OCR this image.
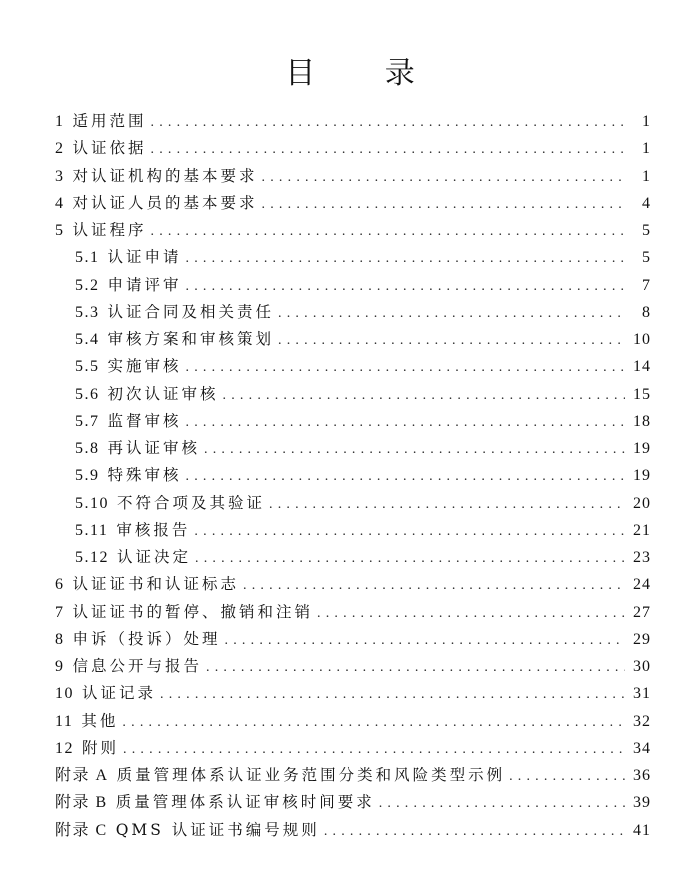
目 录
1 适用范围 .....	1
2 认证依据 .....	1
3 对认证机构的基本要求 .....	1
4 对认证人员的基本要求 .....	4
5 认证程序 .....	5
5.1 认证申请 .....	5
5.2 申请评审 .....	7
5.3 认证合同及相关责任 .....	8
5.4 审核方案和审核策划 .....	10
5.5 实施审核 .....	14
5.6 初次认证审核 .....	15
5.7 监督审核 .....	18
5.8 再认证审核 .....	19
5.9 特殊审核 .....	19
5.10 不符合项及其验证 .....	20
5.11 审核报告 .....	21
5.12 认证决定 .....	23
6 认证证书和认证标志 .....	24
7 认证证书的暂停、撤销和注销 .....	27
8 申诉（投诉）处理 .....	29
9 信息公开与报告 .....	30
10 认证记录 .....	31
11 其他 .....	32
12 附则 .....	34
附录 A 质量管理体系认证业务范围分类和风险类型示例 .....	36
附录 B 质量管理体系认证审核时间要求 .....	39
附录 C QMS 认证证书编号规则 .....	41
